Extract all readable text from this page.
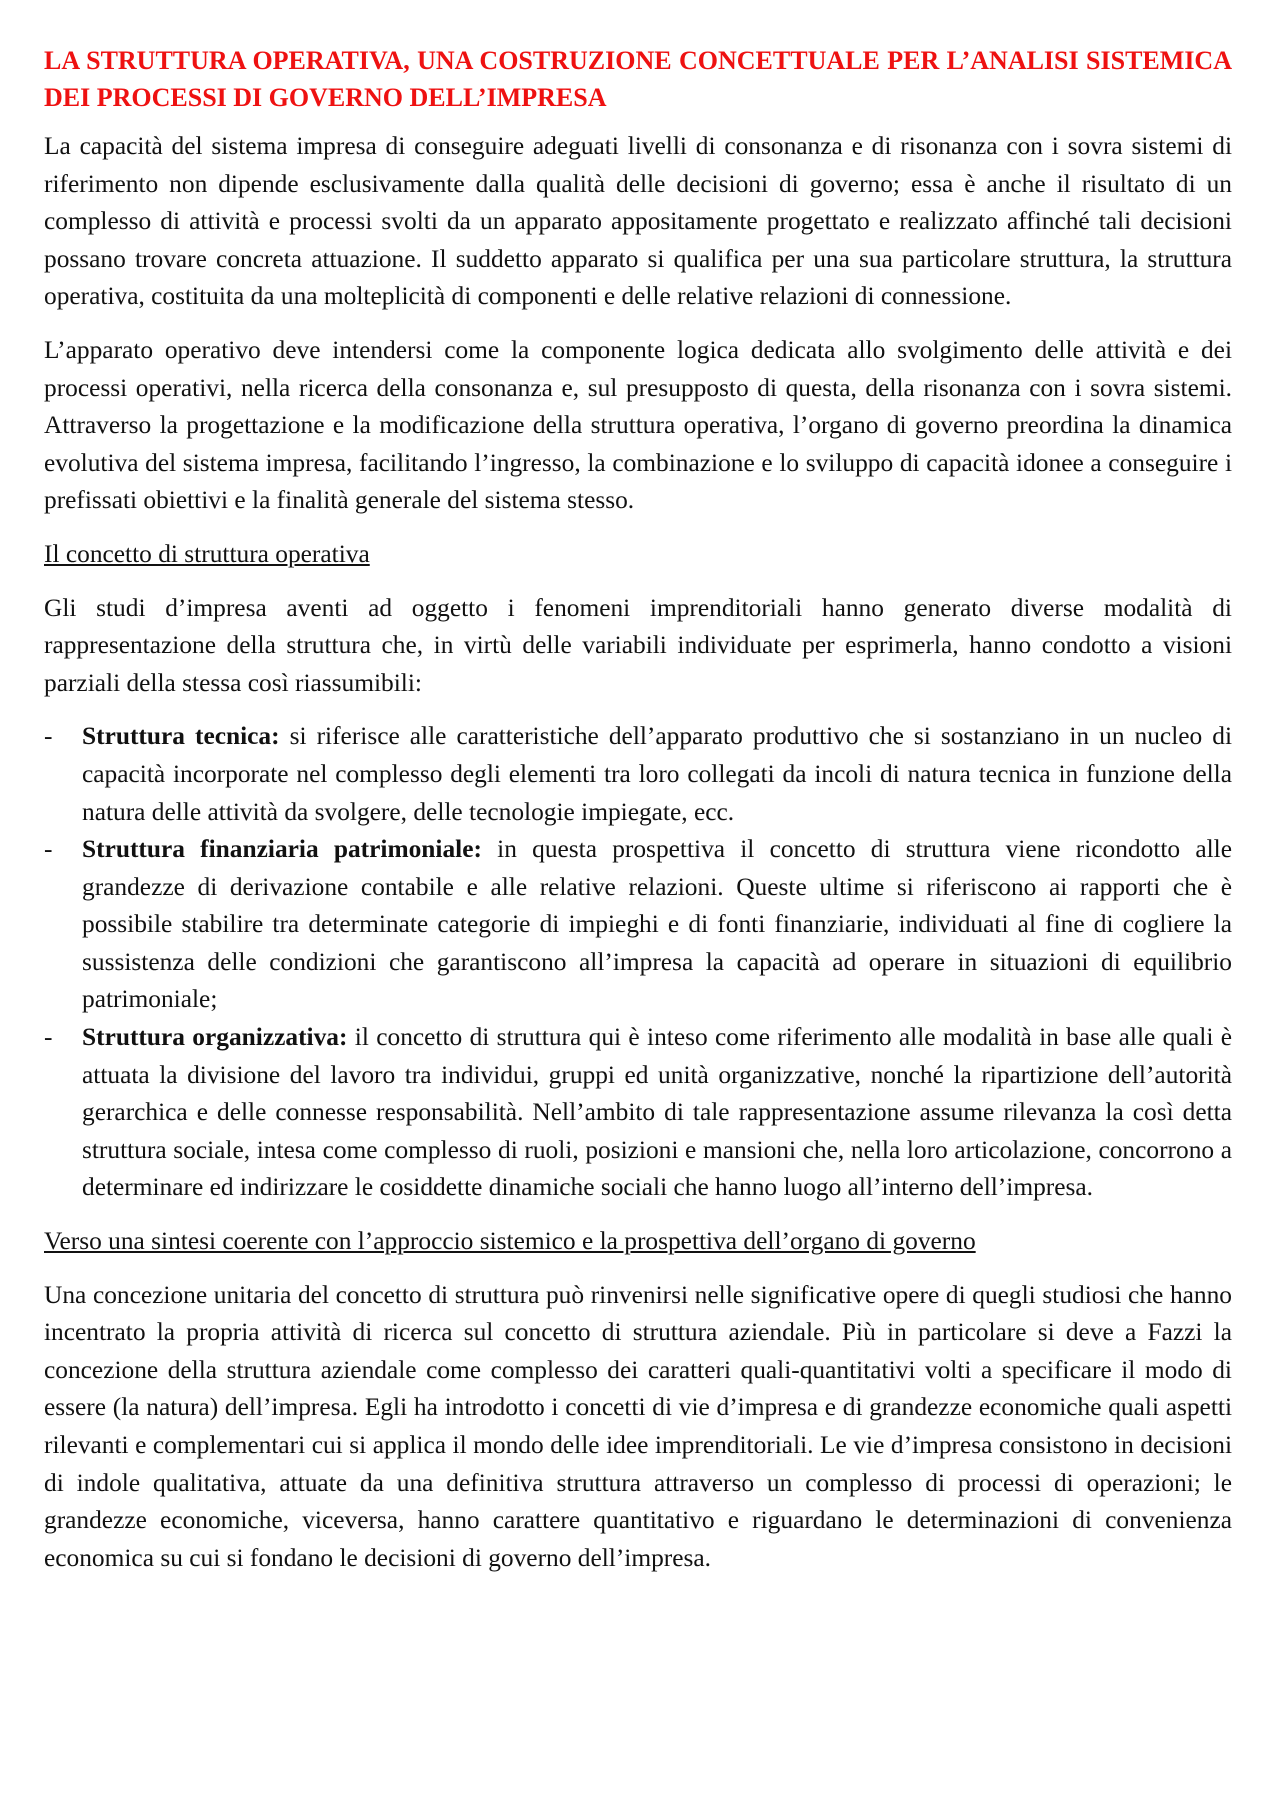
LA STRUTTURA OPERATIVA, UNA COSTRUZIONE CONCETTUALE PER L’ANALISI SISTEMICA DEI PROCESSI DI GOVERNO DELL’IMPRESA

La capacità del sistema impresa di conseguire adeguati livelli di consonanza e di risonanza con i sovra sistemi di riferimento non dipende esclusivamente dalla qualità delle decisioni di governo; essa è anche il risultato di un complesso di attività e processi svolti da un apparato appositamente progettato e realizzato affinché tali decisioni possano trovare concreta attuazione. Il suddetto apparato si qualifica per una sua particolare struttura, la struttura operativa, costituita da una molteplicità di componenti e delle relative relazioni di connessione.

L’apparato operativo deve intendersi come la componente logica dedicata allo svolgimento delle attività e dei processi operativi, nella ricerca della consonanza e, sul presupposto di questa, della risonanza con i sovra sistemi. Attraverso la progettazione e la modificazione della struttura operativa, l’organo di governo preordina la dinamica evolutiva del sistema impresa, facilitando l’ingresso, la combinazione e lo sviluppo di capacità idonee a conseguire i prefissati obiettivi e la finalità generale del sistema stesso.

Il concetto di struttura operativa

Gli studi d’impresa aventi ad oggetto i fenomeni imprenditoriali hanno generato diverse modalità di rappresentazione della struttura che, in virtù delle variabili individuate per esprimerla, hanno condotto a visioni parziali della stessa così riassumibili:

- Struttura tecnica: si riferisce alle caratteristiche dell’apparato produttivo che si sostanziano in un nucleo di capacità incorporate nel complesso degli elementi tra loro collegati da incoli di natura tecnica in funzione della natura delle attività da svolgere, delle tecnologie impiegate, ecc.
- Struttura finanziaria patrimoniale: in questa prospettiva il concetto di struttura viene ricondotto alle grandezze di derivazione contabile e alle relative relazioni. Queste ultime si riferiscono ai rapporti che è possibile stabilire tra determinate categorie di impieghi e di fonti finanziarie, individuati al fine di cogliere la sussistenza delle condizioni che garantiscono all’impresa la capacità ad operare in situazioni di equilibrio patrimoniale;
- Struttura organizzativa: il concetto di struttura qui è inteso come riferimento alle modalità in base alle quali è attuata la divisione del lavoro tra individui, gruppi ed unità organizzative, nonché la ripartizione dell’autorità gerarchica e delle connesse responsabilità. Nell’ambito di tale rappresentazione assume rilevanza la così detta struttura sociale, intesa come complesso di ruoli, posizioni e mansioni che, nella loro articolazione, concorrono a determinare ed indirizzare le cosiddette dinamiche sociali che hanno luogo all’interno dell’impresa.

Verso una sintesi coerente con l’approccio sistemico e la prospettiva dell’organo di governo

Una concezione unitaria del concetto di struttura può rinvenirsi nelle significative opere di quegli studiosi che hanno incentrato la propria attività di ricerca sul concetto di struttura aziendale. Più in particolare si deve a Fazzi la concezione della struttura aziendale come complesso dei caratteri quali-quantitativi volti a specificare il modo di essere (la natura) dell’impresa. Egli ha introdotto i concetti di vie d’impresa e di grandezze economiche quali aspetti rilevanti e complementari cui si applica il mondo delle idee imprenditoriali. Le vie d’impresa consistono in decisioni di indole qualitativa, attuate da una definitiva struttura attraverso un complesso di processi di operazioni; le grandezze economiche, viceversa, hanno carattere quantitativo e riguardano le determinazioni di convenienza economica su cui si fondano le decisioni di governo dell’impresa.
